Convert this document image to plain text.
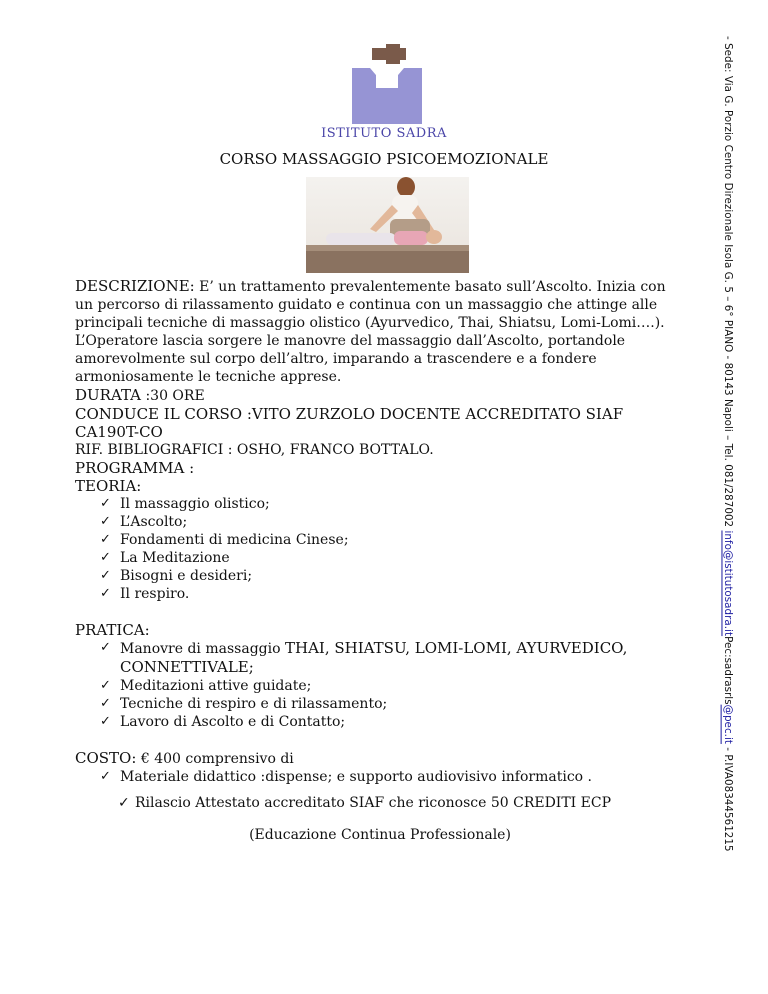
ISTITUTO SADRA
CORSO MASSAGGIO PSICOEMOZIONALE

DESCRIZIONE: E’ un trattamento prevalentemente basato sull’Ascolto. Inizia con un percorso di rilassamento guidato e continua con un massaggio che attinge alle principali tecniche di massaggio olistico (Ayurvedico, Thai, Shiatsu, Lomi-Lomi….). L’Operatore lascia sorgere le manovre del massaggio dall’Ascolto, portandole amorevolmente sul corpo dell’altro, imparando a trascendere e a fondere armoniosamente le tecniche apprese.

DURATA :30 ORE

CONDUCE IL CORSO :VITO ZURZOLO DOCENTE ACCREDITATO SIAF

CA190T-CO

RIF. BIBLIOGRAFICI : OSHO, FRANCO BOTTALO.

PROGRAMMA :

TEORIA:

✓ Il massaggio olistico;
✓ L’Ascolto;
✓ Fondamenti di medicina Cinese;
✓ La Meditazione
✓ Bisogni e desideri;
✓ Il respiro.

PRATICA:

✓ Manovre di massaggio THAI, SHIATSU, LOMI-LOMI, AYURVEDICO, CONNETTIVALE;
✓ Meditazioni attive guidate;
✓ Tecniche di respiro e di rilassamento;
✓ Lavoro di Ascolto e di Contatto;

COSTO: € 400 comprensivo di

✓ Materiale didattico :dispense; e supporto audiovisivo informatico .
✓ Rilascio Attestato accreditato SIAF che riconosce 50 CREDITI ECP
(Educazione Continua Professionale)
- Sede: Via G. Porzio Centro Direzionale Isola G. 5 – 6° PIANO - 80143 Napoli – Tel. 081/287002 info@istitutosadra.itPec:sadrasrls@pec.it - P.IVA08344561215
